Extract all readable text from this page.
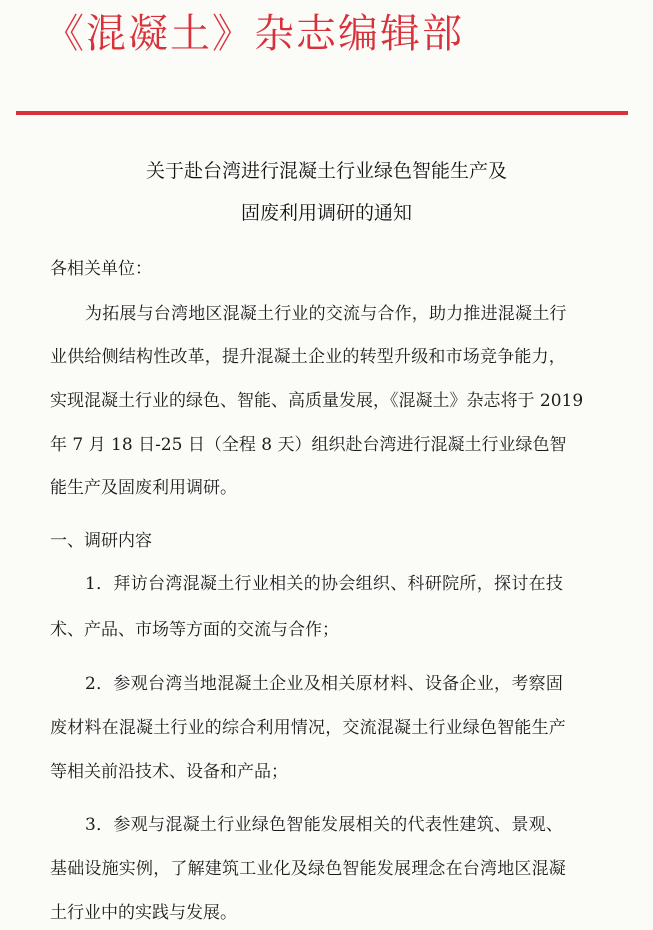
《混凝土》杂志编辑部
关于赴台湾进行混凝土行业绿色智能生产及
固废利用调研的通知
各相关单位：
为拓展与台湾地区混凝土行业的交流与合作，助力推进混凝土行
业供给侧结构性改革，提升混凝土企业的转型升级和市场竞争能力，
实现混凝土行业的绿色、智能、高质量发展，《混凝土》杂志将于 2019
年 7 月 18 日-25 日（全程 8 天）组织赴台湾进行混凝土行业绿色智
能生产及固废利用调研。
一、调研内容
1．拜访台湾混凝土行业相关的协会组织、科研院所，探讨在技
术、产品、市场等方面的交流与合作；
2．参观台湾当地混凝土企业及相关原材料、设备企业，考察固
废材料在混凝土行业的综合利用情况，交流混凝土行业绿色智能生产
等相关前沿技术、设备和产品；
3．参观与混凝土行业绿色智能发展相关的代表性建筑、景观、
基础设施实例，了解建筑工业化及绿色智能发展理念在台湾地区混凝
土行业中的实践与发展。
